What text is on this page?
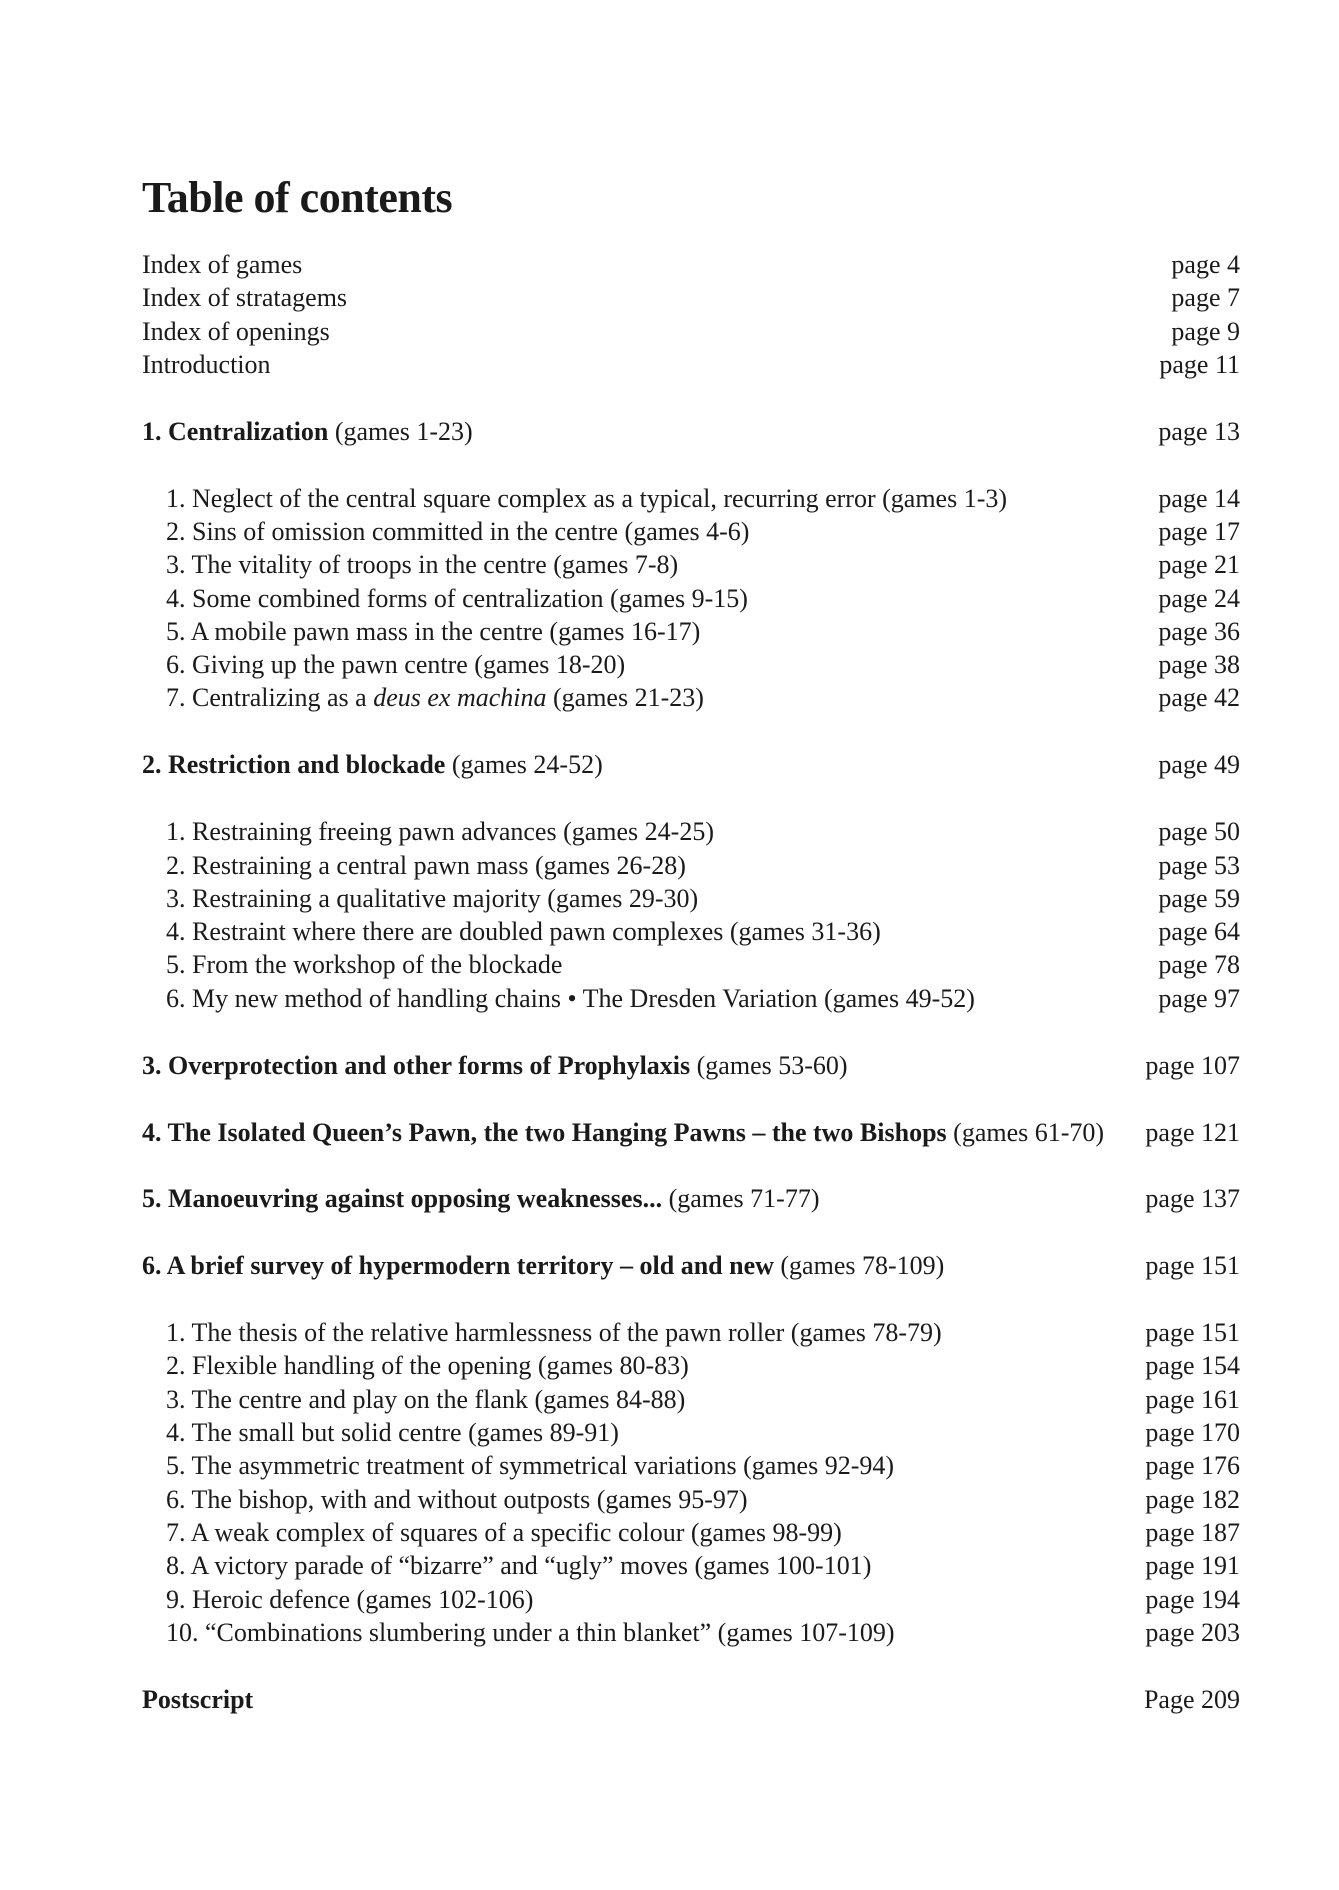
Table of contents
Index of games	page 4
Index of stratagems	page 7
Index of openings	page 9
Introduction	page 11
1. Centralization (games 1-23)	page 13
1. Neglect of the central square complex as a typical, recurring error (games 1-3)	page 14
2. Sins of omission committed in the centre (games 4-6)	page 17
3. The vitality of troops in the centre (games 7-8)	page 21
4. Some combined forms of centralization (games 9-15)	page 24
5. A mobile pawn mass in the centre (games 16-17)	page 36
6. Giving up the pawn centre (games 18-20)	page 38
7. Centralizing as a deus ex machina (games 21-23)	page 42
2. Restriction and blockade (games 24-52)	page 49
1. Restraining freeing pawn advances (games 24-25)	page 50
2. Restraining a central pawn mass (games 26-28)	page 53
3. Restraining a qualitative majority (games 29-30)	page 59
4. Restraint where there are doubled pawn complexes (games 31-36)	page 64
5. From the workshop of the blockade	page 78
6. My new method of handling chains • The Dresden Variation (games 49-52)	page 97
3. Overprotection and other forms of Prophylaxis (games 53-60)	page 107
4. The Isolated Queen’s Pawn, the two Hanging Pawns – the two Bishops (games 61-70)	page 121
5. Manoeuvring against opposing weaknesses... (games 71-77)	page 137
6. A brief survey of hypermodern territory – old and new (games 78-109)	page 151
1. The thesis of the relative harmlessness of the pawn roller (games 78-79)	page 151
2. Flexible handling of the opening (games 80-83)	page 154
3. The centre and play on the flank (games 84-88)	page 161
4. The small but solid centre (games 89-91)	page 170
5. The asymmetric treatment of symmetrical variations (games 92-94)	page 176
6. The bishop, with and without outposts (games 95-97)	page 182
7. A weak complex of squares of a specific colour (games 98-99)	page 187
8. A victory parade of “bizarre” and “ugly” moves (games 100-101)	page 191
9. Heroic defence (games 102-106)	page 194
10. “Combinations slumbering under a thin blanket” (games 107-109)	page 203
Postscript	Page 209
